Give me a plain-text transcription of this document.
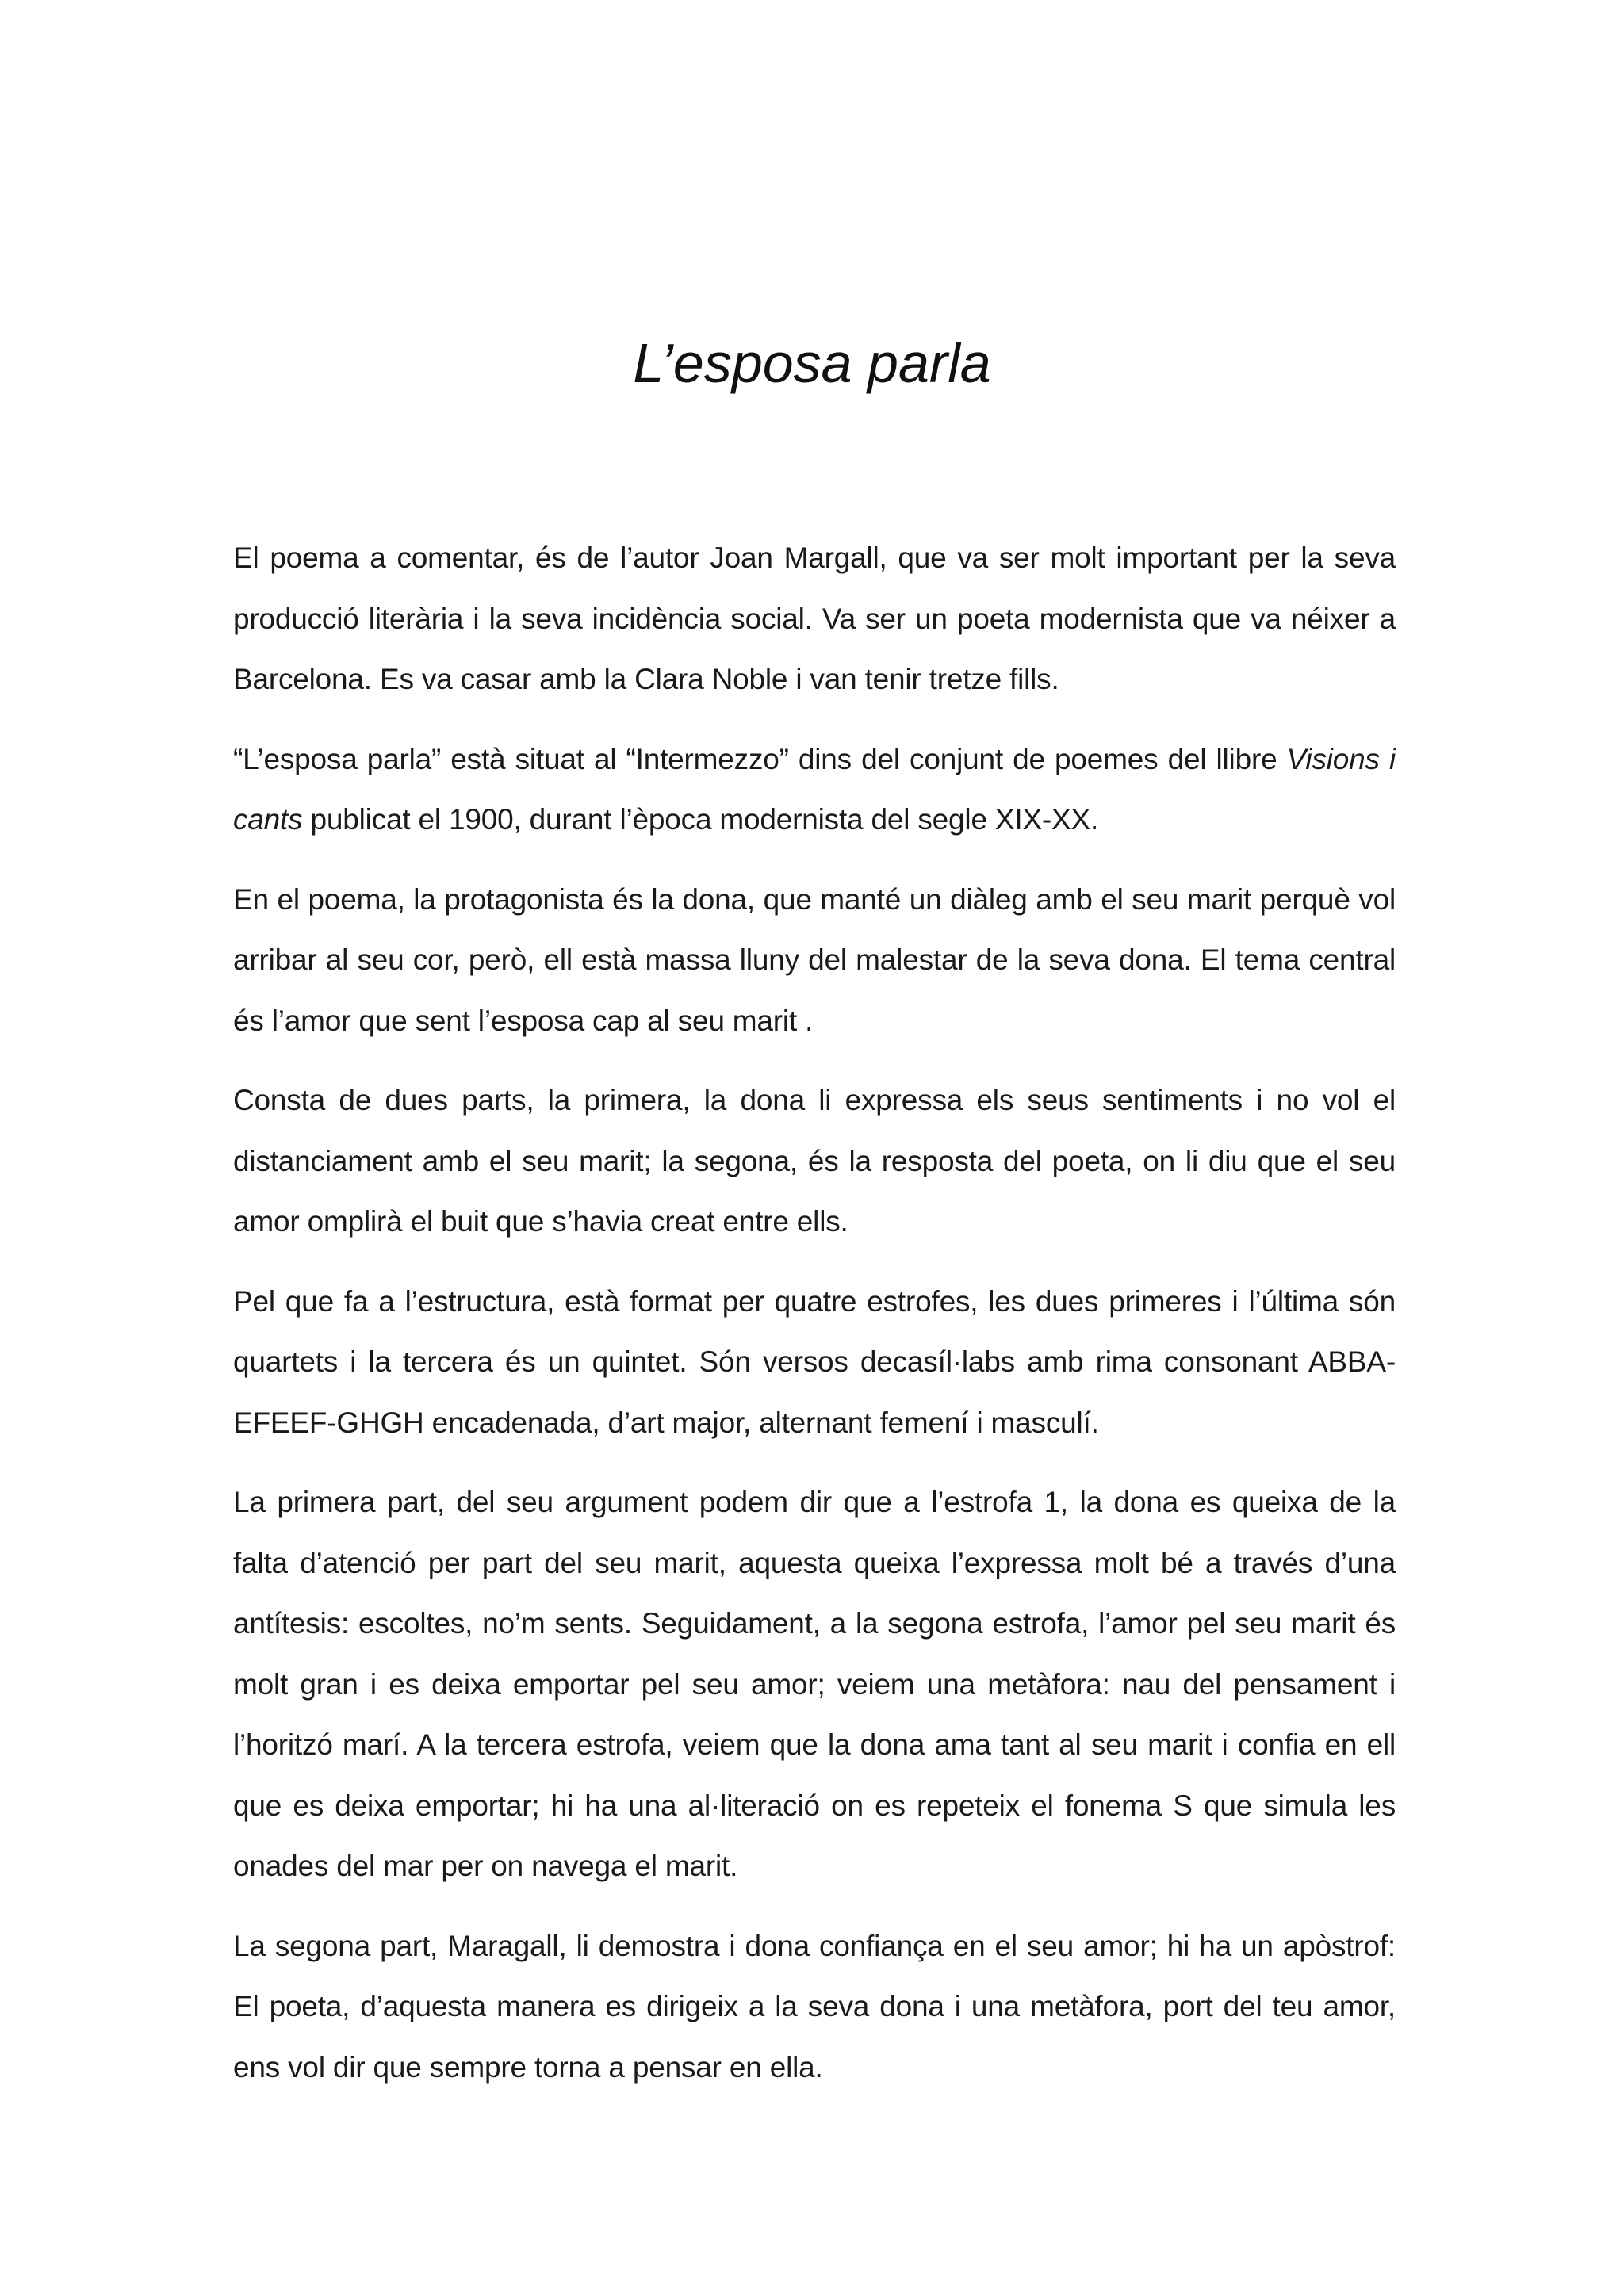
L’esposa parla

El poema a comentar, és de l’autor Joan Margall, que va ser molt important per la seva producció literària i la seva incidència social. Va ser un poeta modernista que va néixer a Barcelona. Es va casar amb la Clara Noble i van tenir tretze fills.

“L’esposa parla” està situat al “Intermezzo” dins del conjunt de poemes del llibre Visions i cants publicat el 1900, durant l’època modernista del segle XIX-XX.

En el poema, la protagonista és la dona, que manté un diàleg amb el seu marit perquè vol arribar al seu cor, però, ell està massa lluny del malestar de la seva dona. El tema central és l’amor que sent l’esposa cap al seu marit .

Consta de dues parts, la primera, la dona li expressa els seus sentiments i no vol el distanciament amb el seu marit; la segona, és la resposta del poeta, on li diu que el seu amor omplirà el buit que s’havia creat entre ells.

Pel que fa a l’estructura, està format per quatre estrofes, les dues primeres i l’última són quartets i la tercera és un quintet. Són versos decasíl·labs amb rima consonant ABBA-EFEEF-GHGH encadenada, d’art major, alternant femení i masculí.

La primera part, del seu argument podem dir que a l’estrofa 1, la dona es queixa de la falta d’atenció per part del seu marit, aquesta queixa l’expressa molt bé a través d’una antítesis: escoltes, no’m sents. Seguidament, a la segona estrofa, l’amor pel seu marit és molt gran i es deixa emportar pel seu amor; veiem una metàfora: nau del pensament i l’horitzó marí. A la tercera estrofa, veiem que la dona ama tant al seu marit i confia en ell que es deixa emportar; hi ha una al·literació on es repeteix el fonema S que simula les onades del mar per on navega el marit.

La segona part, Maragall, li demostra i dona confiança en el seu amor; hi ha un apòstrof: El poeta, d’aquesta manera es dirigeix a la seva dona i una metàfora, port del teu amor, ens vol dir que sempre torna a pensar en ella.
